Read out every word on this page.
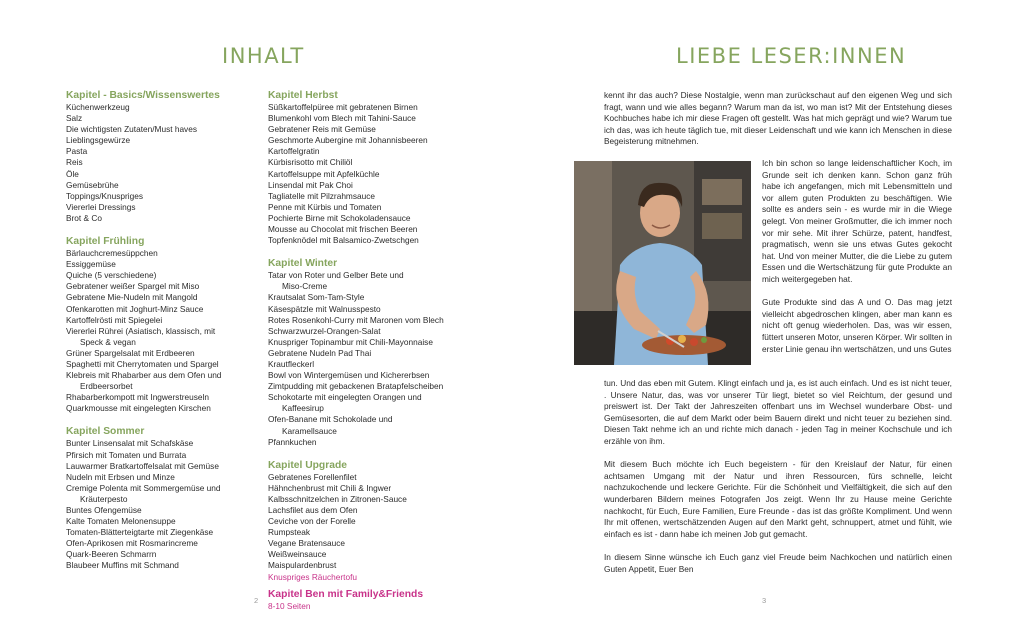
INHALT	LIEBE LESER:INNEN
Kapitel - Basics/Wissenswertes
Küchenwerkzeug
Salz
Die wichtigsten Zutaten/Must haves
Lieblingsgewürze
Pasta
Reis
Öle
Gemüsebrühe
Toppings/Knuspriges
Viererlei Dressings
Brot & Co
Kapitel Frühling
Bärlauchcremesüppchen
Essiggemüse
Quiche (5 verschiedene)
Gebratener weißer Spargel mit Miso
Gebratene Mie-Nudeln mit Mangold
Ofenkarotten mit Joghurt-Minz Sauce
Kartoffelrösti mit Spiegelei
Viererlei Rührei (Asiatisch, klassisch, mit
Speck & vegan
Grüner Spargelsalat mit Erdbeeren
Spaghetti mit Cherrytomaten und Spargel
Klebreis mit Rhabarber aus dem Ofen und
Erdbeersorbet
Rhabarberkompott mit Ingwerstreuseln
Quarkmousse mit eingelegten Kirschen
Kapitel Sommer
Bunter Linsensalat mit Schafskäse
Pfirsich mit Tomaten und Burrata
Lauwarmer Bratkartoffelsalat mit Gemüse
Nudeln mit Erbsen und Minze
Cremige Polenta mit Sommergemüse und
Kräuterpesto
Buntes Ofengemüse
Kalte Tomaten Melonensuppe
Tomaten-Blätterteigtarte mit Ziegenkäse
Ofen-Aprikosen mit Rosmarincreme
Quark-Beeren Schmarrn
Blaubeer Muffins mit Schmand
Kapitel Herbst
Süßkartoffelpüree mit gebratenen Birnen
Blumenkohl vom Blech mit Tahini-Sauce
Gebratener Reis mit Gemüse
Geschmorte Aubergine mit Johannisbeeren
Kartoffelgratin
Kürbisrisotto mit Chiliöl
Kartoffelsuppe mit Apfelküchle
Linsendal mit Pak Choi
Tagliatelle mit Pilzrahmsauce
Penne mit Kürbis und Tomaten
Pochierte Birne mit Schokoladensauce
Mousse au Chocolat mit frischen Beeren
Topfenknödel mit Balsamico-Zwetschgen
Kapitel Winter
Tatar von Roter und Gelber Bete und
Miso-Creme
Krautsalat Som-Tam-Style
Käsespätzle mit Walnusspesto
Rotes Rosenkohl-Curry mit Maronen vom Blech
Schwarzwurzel-Orangen-Salat
Knuspriger Topinambur mit Chili-Mayonnaise
Gebratene Nudeln Pad Thai
Krautfleckerl
Bowl von Wintergemüsen und Kichererbsen
Zimtpudding mit gebackenen Bratapfelscheiben
Schokotarte mit eingelegten Orangen und
Kaffeesirup
Ofen-Banane mit Schokolade und
Karamellsauce
Pfannkuchen
Kapitel Upgrade
Gebratenes Forellenfilet
Hähnchenbrust mit Chili & Ingwer
Kalbsschnitzelchen in Zitronen-Sauce
Lachsfilet aus dem Ofen
Ceviche von der Forelle
Rumpsteak
Vegane Bratensauce
Weißweinsauce
Maispulardenbrust
Knuspriges Räuchertofu
Kapitel Ben mit Family&Friends
8-10 Seiten
2	3

kennt ihr das auch? Diese Nostalgie, wenn man zurückschaut auf den eigenen Weg und sich fragt, wann und wie alles begann? Warum man da ist, wo man ist? Mit der Entstehung dieses Kochbuches habe ich mir diese Fragen oft gestellt. Was hat mich geprägt und wie? Warum tue ich das, was ich heute täglich tue, mit dieser Leidenschaft und wie kann ich Menschen in diese Begeisterung mitnehmen.

Ich bin schon so lange leidenschaftlicher Koch, im Grunde seit ich denken kann. Schon ganz früh habe ich angefangen, mich mit Lebensmitteln und vor allem guten Produkten zu beschäftigen. Wie sollte es anders sein - es wurde mir in die Wiege gelegt. Von meiner Großmutter, die ich immer noch vor mir sehe. Mit ihrer Schürze, patent, handfest, pragmatisch, wenn sie uns etwas Gutes gekocht hat. Und von meiner Mutter, die die Liebe zu gutem Essen und die Wertschätzung für gute Produkte an mich weitergegeben hat.

Gute Produkte sind das A und O. Das mag jetzt vielleicht abgedroschen klingen, aber man kann es nicht oft genug wiederholen. Das, was wir essen, füttert unseren Motor, unseren Körper. Wir sollten in erster Linie genau ihn wertschätzen, und uns Gutes

tun. Und das eben mit Gutem. Klingt einfach und ja, es ist auch einfach. Und es ist nicht teuer, . Unsere Natur, das, was vor unserer Tür liegt, bietet so viel Reichtum, der gesund und preiswert ist. Der Takt der Jahreszeiten offenbart uns im Wechsel wunderbare Obst- und Gemüsesorten, die auf dem Markt oder beim Bauern direkt und nicht teuer zu beziehen sind. Diesen Takt nehme ich an und richte mich danach - jeden Tag in meiner Kochschule und ich erzähle von ihm.

Mit diesem Buch möchte ich Euch begeistern - für den Kreislauf der Natur, für einen achtsamen Umgang mit der Natur und ihren Ressourcen, fürs schnelle, leicht nachzukochende und leckere Gerichte. Für die Schönheit und Vielfältigkeit, die sich auf den wunderbaren Bildern meines Fotografen Jos zeigt. Wenn Ihr zu Hause meine Gerichte nachkocht, für Euch, Eure Familien, Eure Freunde - das ist das größte Kompliment. Und wenn Ihr mit offenen, wertschätzenden Augen auf den Markt geht, schnuppert, atmet und fühlt, wie einfach es ist - dann habe ich meinen Job gut gemacht.

In diesem Sinne wünsche ich Euch ganz viel Freude beim Nachkochen und natürlich einen Guten Appetit, Euer Ben
